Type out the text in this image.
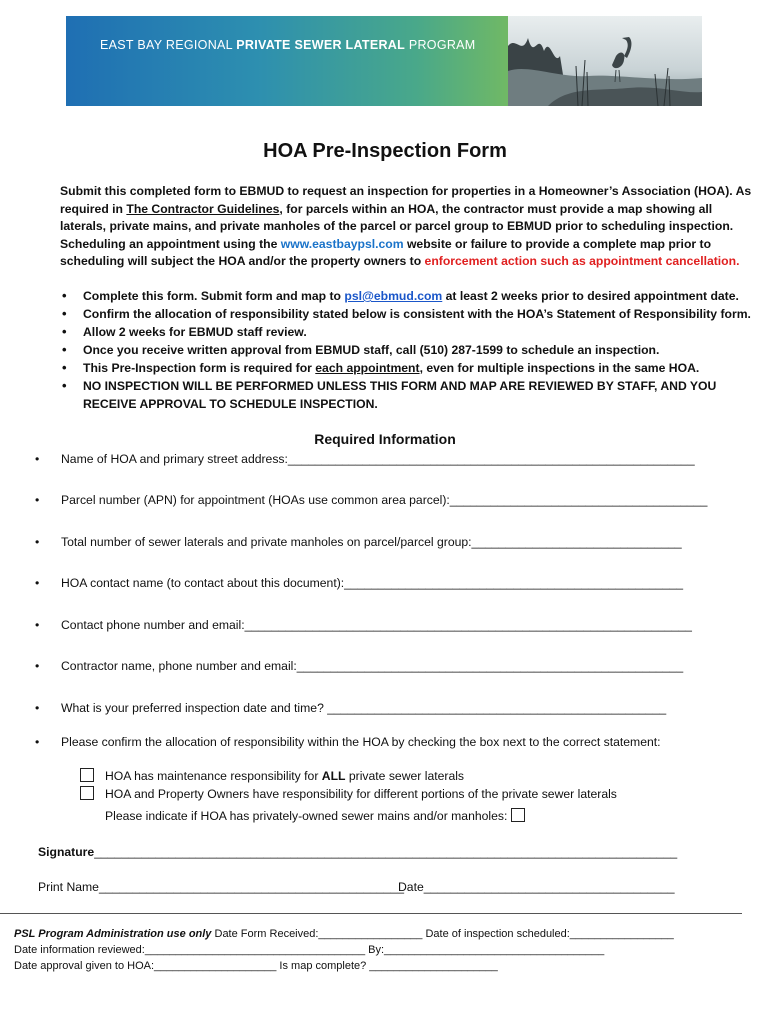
EAST BAY REGIONAL PRIVATE SEWER LATERAL PROGRAM
HOA Pre-Inspection Form
Submit this completed form to EBMUD to request an inspection for properties in a Homeowner’s Association (HOA). As required in The Contractor Guidelines, for parcels within an HOA, the contractor must provide a map showing all laterals, private mains, and private manholes of the parcel or parcel group to EBMUD prior to scheduling inspection. Scheduling an appointment using the www.eastbaypsl.com website or failure to provide a complete map prior to scheduling will subject the HOA and/or the property owners to enforcement action such as appointment cancellation.
• Complete this form. Submit form and map to psl@ebmud.com at least 2 weeks prior to desired appointment date.
• Confirm the allocation of responsibility stated below is consistent with the HOA’s Statement of Responsibility form.
• Allow 2 weeks for EBMUD staff review.
• Once you receive written approval from EBMUD staff, call (510) 287-1599 to schedule an inspection.
• This Pre-Inspection form is required for each appointment, even for multiple inspections in the same HOA.
• NO INSPECTION WILL BE PERFORMED UNLESS THIS FORM AND MAP ARE REVIEWED BY STAFF, AND YOU RECEIVE APPROVAL TO SCHEDULE INSPECTION.
Required Information
• Name of HOA and primary street address:____________________________________________________________
• Parcel number (APN) for appointment (HOAs use common area parcel):______________________________________
• Total number of sewer laterals and private manholes on parcel/parcel group:_______________________________
• HOA contact name (to contact about this document):__________________________________________________
• Contact phone number and email:__________________________________________________________________
• Contractor name, phone number and email:_________________________________________________________
• What is your preferred inspection date and time? __________________________________________________
• Please confirm the allocation of responsibility within the HOA by checking the box next to the correct statement:
HOA has maintenance responsibility for ALL private sewer laterals
HOA and Property Owners have responsibility for different portions of the private sewer laterals
Please indicate if HOA has privately-owned sewer mains and/or manholes:
Signature______________________________________________________________________________________
Print Name_____________________________________________
Date_____________________________________
PSL Program Administration use only Date Form Received:_________________ Date of inspection scheduled:_________________
Date information reviewed:____________________________________ By:____________________________________
Date approval given to HOA:____________________ Is map complete? _____________________
